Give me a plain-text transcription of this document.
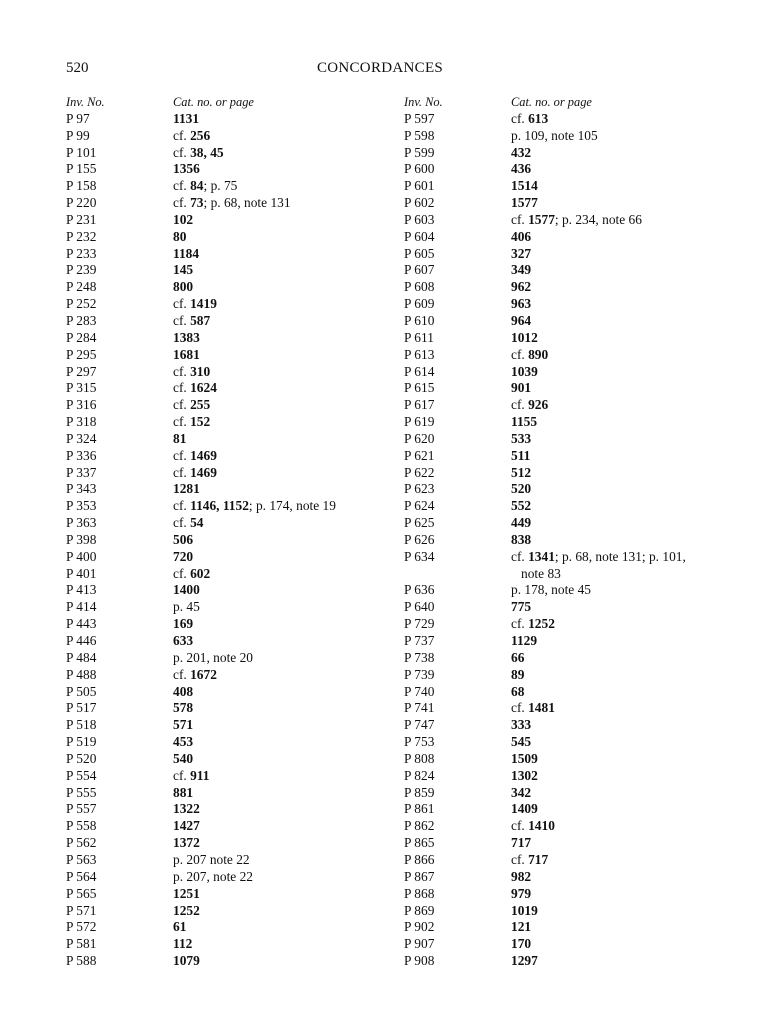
520	CONCORDANCES
Inv. No.	Cat. no. or page
P 97	1131
P 99	cf. 256
P 101	cf. 38, 45
P 155	1356
P 158	cf. 84; p. 75
P 220	cf. 73; p. 68, note 131
P 231	102
P 232	80
P 233	1184
P 239	145
P 248	800
P 252	cf. 1419
P 283	cf. 587
P 284	1383
P 295	1681
P 297	cf. 310
P 315	cf. 1624
P 316	cf. 255
P 318	cf. 152
P 324	81
P 336	cf. 1469
P 337	cf. 1469
P 343	1281
P 353	cf. 1146, 1152; p. 174, note 19
P 363	cf. 54
P 398	506
P 400	720
P 401	cf. 602
P 413	1400
P 414	p. 45
P 443	169
P 446	633
P 484	p. 201, note 20
P 488	cf. 1672
P 505	408
P 517	578
P 518	571
P 519	453
P 520	540
P 554	cf. 911
P 555	881
P 557	1322
P 558	1427
P 562	1372
P 563	p. 207 note 22
P 564	p. 207, note 22
P 565	1251
P 571	1252
P 572	61
P 581	112
P 588	1079
Inv. No.	Cat. no. or page
P 597	cf. 613
P 598	p. 109, note 105
P 599	432
P 600	436
P 601	1514
P 602	1577
P 603	cf. 1577; p. 234, note 66
P 604	406
P 605	327
P 607	349
P 608	962
P 609	963
P 610	964
P 611	1012
P 613	cf. 890
P 614	1039
P 615	901
P 617	cf. 926
P 619	1155
P 620	533
P 621	511
P 622	512
P 623	520
P 624	552
P 625	449
P 626	838
P 634	cf. 1341; p. 68, note 131; p. 101,
note 83
P 636	p. 178, note 45
P 640	775
P 729	cf. 1252
P 737	1129
P 738	66
P 739	89
P 740	68
P 741	cf. 1481
P 747	333
P 753	545
P 808	1509
P 824	1302
P 859	342
P 861	1409
P 862	cf. 1410
P 865	717
P 866	cf. 717
P 867	982
P 868	979
P 869	1019
P 902	121
P 907	170
P 908	1297
